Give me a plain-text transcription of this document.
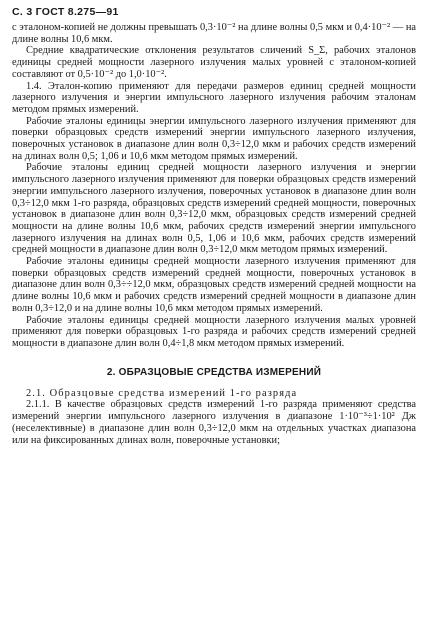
С. 3 ГОСТ 8.275—91

с эталоном-копией не должны превышать 0,3·10⁻² на длине волны 0,5 мкм и 0,4·10⁻² — на длине волны 10,6 мкм.

Средние квадратические отклонения результатов сличений S_Σ, рабочих эталонов единицы средней мощности лазерного излучения малых уровней с эталоном-копией составляют от 0,5·10⁻² до 1,0·10⁻².

1.4. Эталон-копию применяют для передачи размеров единиц средней мощности лазерного излучения и энергии импульсного лазерного излучения рабочим эталонам методом прямых измерений.

Рабочие эталоны единицы энергии импульсного лазерного излучения применяют для поверки образцовых средств измерений энергии импульсного лазерного излучения, поверочных установок в диапазоне длин волн 0,3÷12,0 мкм и рабочих средств измерений на длинах волн 0,5; 1,06 и 10,6 мкм методом прямых измерений.

Рабочие эталоны единиц средней мощности лазерного излучения и энергии импульсного лазерного излучения применяют для поверки образцовых средств измерений энергии импульсного лазерного излучения, поверочных установок в диапазоне длин волн 0,3÷12,0 мкм 1-го разряда, образцовых средств измерений средней мощности, поверочных установок в диапазоне длин волн 0,3÷12,0 мкм, образцовых средств измерений средней мощности на длине волны 10,6 мкм, рабочих средств измерений энергии импульсного лазерного излучения на длинах волн 0,5, 1,06 и 10,6 мкм, рабочих средств измерений средней мощности в диапазоне длин волн 0,3÷12,0 мкм методом прямых измерений.

Рабочие эталоны единицы средней мощности лазерного излучения применяют для поверки образцовых средств измерений средней мощности, поверочных установок в диапазоне длин волн 0,3÷÷12,0 мкм, образцовых средств измерений средней мощности на длине волны 10,6 мкм и рабочих средств измерений средней мощности в диапазоне длин волн 0,3÷12,0 и на длине волны 10,6 мкм методом прямых измерений.

Рабочие эталоны единицы средней мощности лазерного излучения малых уровней применяют для поверки образцовых 1-го разряда и рабочих средств измерений средней мощности в диапазоне длин волн 0,4÷1,8 мкм методом прямых измерений.

2. ОБРАЗЦОВЫЕ СРЕДСТВА ИЗМЕРЕНИЙ

2.1. Образцовые средства измерений 1-го разряда

2.1.1. В качестве образцовых средств измерений 1-го разряда применяют средства измерений энергии импульсного лазерного излучения в диапазоне 1·10⁻³÷1·10² Дж (неселективные) в диапазоне длин волн 0,3÷12,0 мкм на отдельных участках диапазона или на фиксированных длинах волн, поверочные установки;
